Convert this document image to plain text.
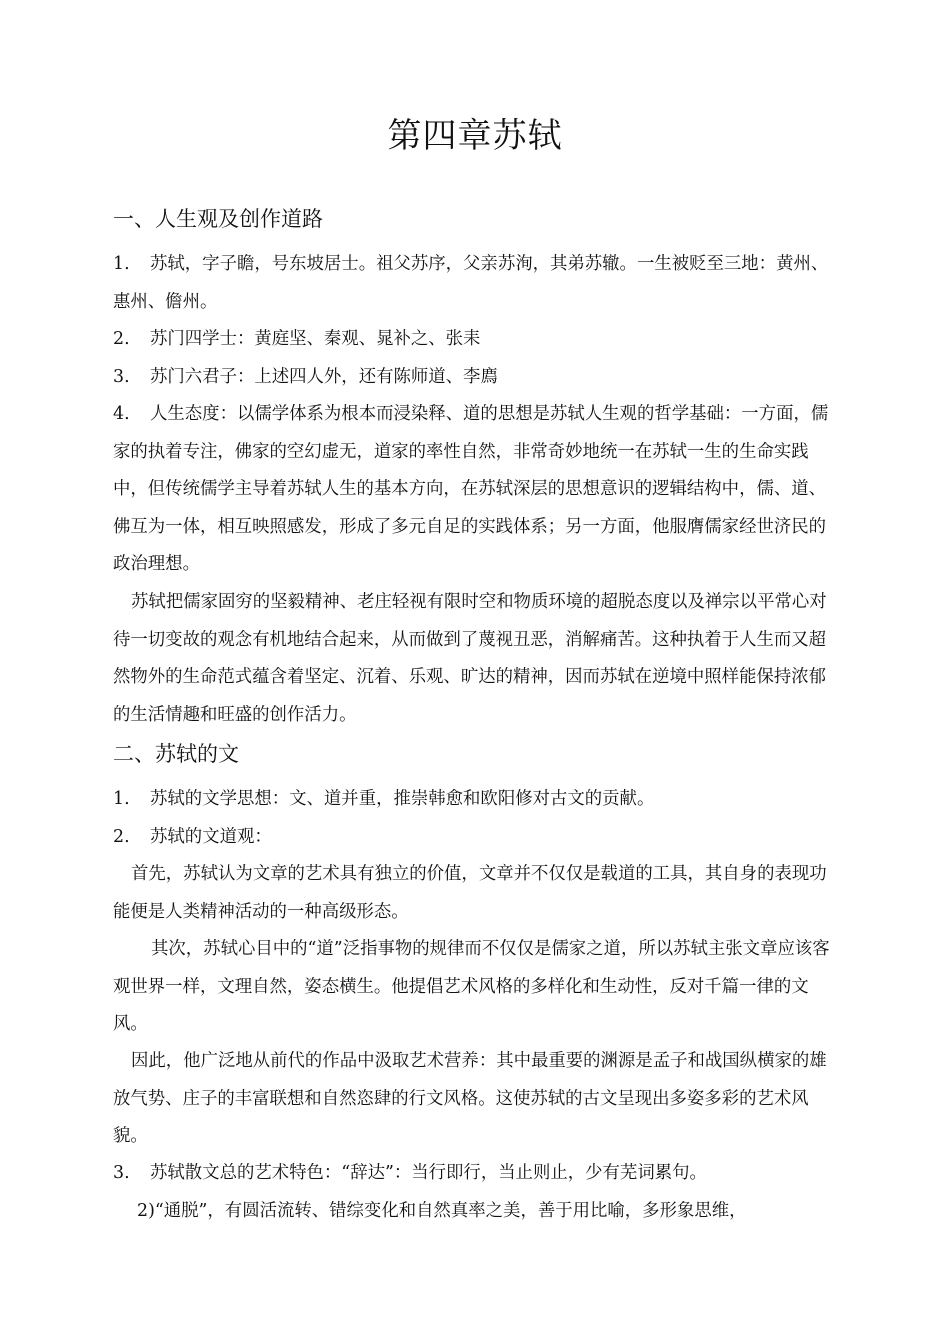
第四章苏轼
一、人生观及创作道路
1. 苏轼，字子瞻，号东坡居士。祖父苏序，父亲苏洵，其弟苏辙。一生被贬至三地：黄州、惠州、儋州。
2. 苏门四学士：黄庭坚、秦观、晁补之、张耒
3. 苏门六君子：上述四人外，还有陈师道、李廌
4. 人生态度：以儒学体系为根本而浸染释、道的思想是苏轼人生观的哲学基础：一方面，儒家的执着专注，佛家的空幻虚无，道家的率性自然，非常奇妙地统一在苏轼一生的生命实践中，但传统儒学主导着苏轼人生的基本方向，在苏轼深层的思想意识的逻辑结构中，儒、道、佛互为一体，相互映照感发，形成了多元自足的实践体系；另一方面，他服膺儒家经世济民的政治理想。
苏轼把儒家固穷的坚毅精神、老庄轻视有限时空和物质环境的超脱态度以及禅宗以平常心对待一切变故的观念有机地结合起来，从而做到了蔑视丑恶，消解痛苦。这种执着于人生而又超然物外的生命范式蕴含着坚定、沉着、乐观、旷达的精神，因而苏轼在逆境中照样能保持浓郁的生活情趣和旺盛的创作活力。
二、苏轼的文
1. 苏轼的文学思想：文、道并重，推崇韩愈和欧阳修对古文的贡献。
2. 苏轼的文道观：
首先，苏轼认为文章的艺术具有独立的价值，文章并不仅仅是载道的工具，其自身的表现功能便是人类精神活动的一种高级形态。
其次，苏轼心目中的“道”泛指事物的规律而不仅仅是儒家之道，所以苏轼主张文章应该客观世界一样，文理自然，姿态横生。他提倡艺术风格的多样化和生动性，反对千篇一律的文风。
因此，他广泛地从前代的作品中汲取艺术营养：其中最重要的渊源是孟子和战国纵横家的雄放气势、庄子的丰富联想和自然恣肆的行文风格。这使苏轼的古文呈现出多姿多彩的艺术风貌。
3. 苏轼散文总的艺术特色：“辞达”：当行即行，当止则止，少有芜词累句。
2)“通脱”，有圆活流转、错综变化和自然真率之美，善于用比喻，多形象思维，
